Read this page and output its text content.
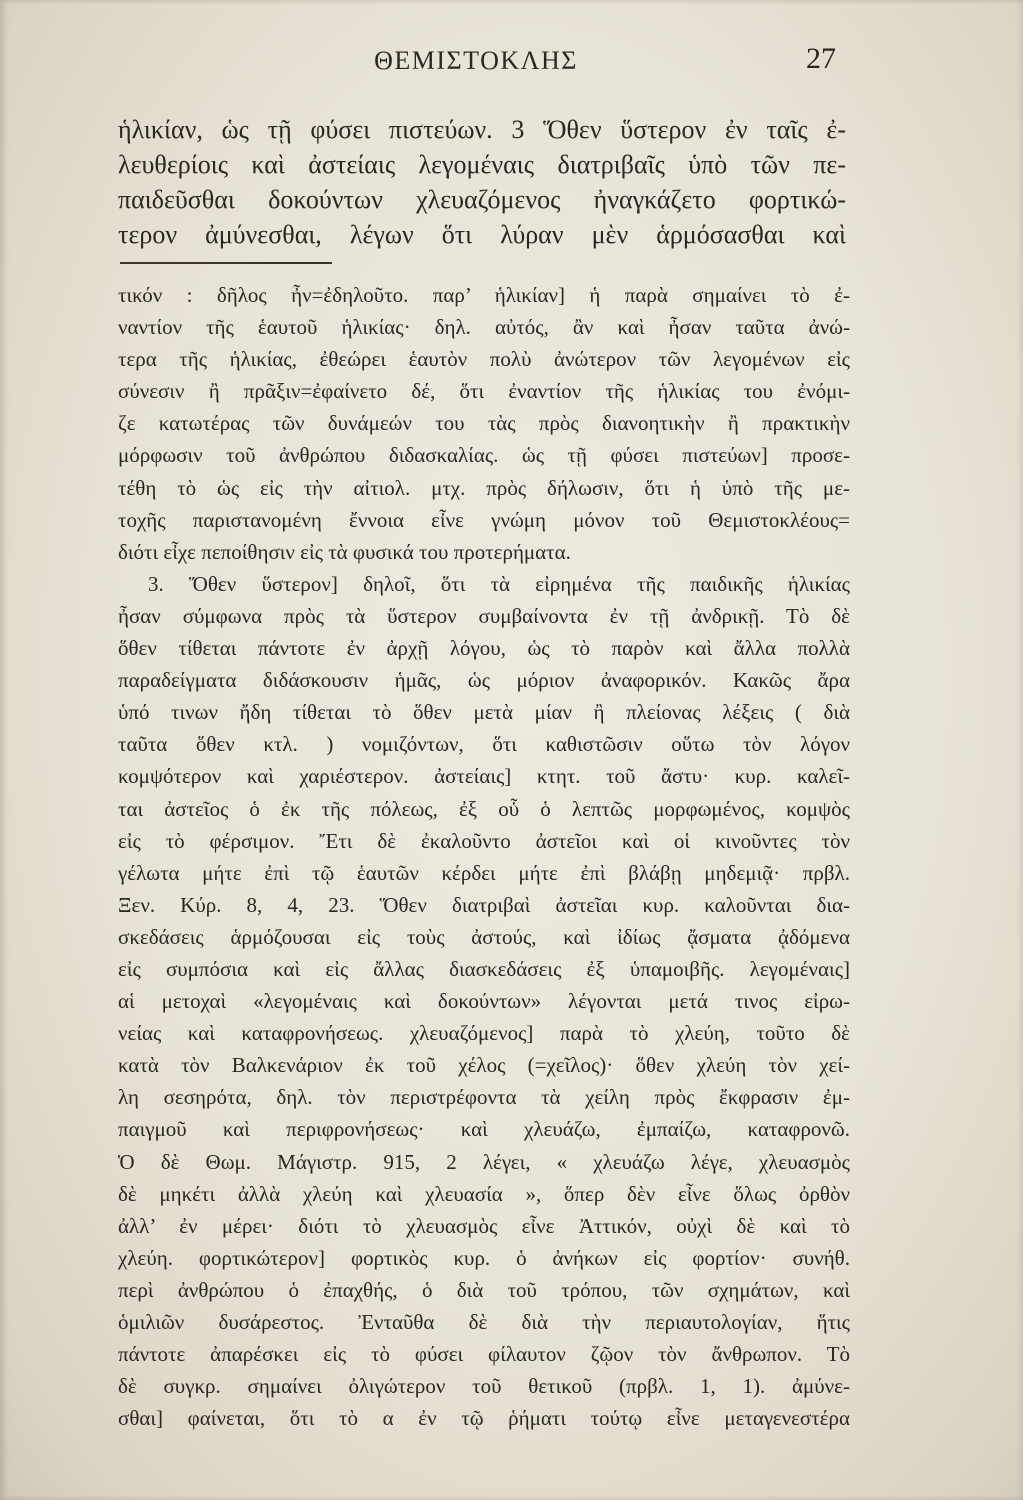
ΘΕΜΙΣΤΟΚΛΗΣ	27
ἡλικίαν, ὡς τῇ φύσει πιστεύων. 3 Ὅθεν ὕστερον ἐν ταῖς ἐ-
λευθερίοις καὶ ἀστείαις λεγομέναις διατριβαῖς ὑπὸ τῶν πε-
παιδεῦσθαι δοκούντων χλευαζόμενος ἠναγκάζετο φορτικώ-
τερον ἀμύνεσθαι, λέγων ὅτι λύραν μὲν ἁρμόσασθαι καὶ
τικόν : δῆλος ἦν=ἐδηλοῦτο. παρ’ ἡλικίαν] ἡ παρὰ σημαίνει τὸ ἐ-
ναντίον τῆς ἑαυτοῦ ἡλικίας· δηλ. αὐτός, ἂν καὶ ἦσαν ταῦτα ἀνώ-
τερα τῆς ἡλικίας, ἐθεώρει ἑαυτὸν πολὺ ἀνώτερον τῶν λεγομένων εἰς
σύνεσιν ἢ πρᾶξιν=ἐφαίνετο δέ, ὅτι ἐναντίον τῆς ἡλικίας του ἐνόμι-
ζε κατωτέρας τῶν δυνάμεών του τὰς πρὸς διανοητικὴν ἢ πρακτικὴν
μόρφωσιν τοῦ ἀνθρώπου διδασκαλίας. ὡς τῇ φύσει πιστεύων] προσε-
τέθη τὸ ὡς εἰς τὴν αἰτιολ. μτχ. πρὸς δήλωσιν, ὅτι ἡ ὑπὸ τῆς με-
τοχῆς παριστανομένη ἔννοια εἶνε γνώμη μόνον τοῦ Θεμιστοκλέους=
διότι εἶχε πεποίθησιν εἰς τὰ φυσικά του προτερήματα.
3. Ὅθεν ὕστερον] δηλοῖ, ὅτι τὰ εἰρημένα τῆς παιδικῆς ἡλικίας
ἦσαν σύμφωνα πρὸς τὰ ὕστερον συμβαίνοντα ἐν τῇ ἀνδρικῇ. Τὸ δὲ
ὅθεν τίθεται πάντοτε ἐν ἀρχῇ λόγου, ὡς τὸ παρὸν καὶ ἄλλα πολλὰ
παραδείγματα διδάσκουσιν ἡμᾶς, ὡς μόριον ἀναφορικόν. Κακῶς ἄρα
ὑπό τινων ἤδη τίθεται τὸ ὅθεν μετὰ μίαν ἢ πλείονας λέξεις ( διὰ
ταῦτα ὅθεν κτλ. ) νομιζόντων, ὅτι καθιστῶσιν οὕτω τὸν λόγον
κομψότερον καὶ χαριέστερον. ἀστείαις] κτητ. τοῦ ἄστυ· κυρ. καλεῖ-
ται ἀστεῖος ὁ ἐκ τῆς πόλεως, ἐξ οὗ ὁ λεπτῶς μορφωμένος, κομψὸς
εἰς τὸ φέρσιμον. Ἔτι δὲ ἐκαλοῦντο ἀστεῖοι καὶ οἱ κινοῦντες τὸν
γέλωτα μήτε ἐπὶ τῷ ἑαυτῶν κέρδει μήτε ἐπὶ βλάβῃ μηδεμιᾷ· πρβλ.
Ξεν. Κύρ. 8, 4, 23. Ὅθεν διατριβαὶ ἀστεῖαι κυρ. καλοῦνται δια-
σκεδάσεις ἁρμόζουσαι εἰς τοὺς ἀστούς, καὶ ἰδίως ᾄσματα ᾀδόμενα
εἰς συμπόσια καὶ εἰς ἄλλας διασκεδάσεις ἐξ ὑπαμοιβῆς. λεγομέναις]
αἱ μετοχαὶ «λεγομέναις καὶ δοκούντων» λέγονται μετά τινος εἰρω-
νείας καὶ καταφρονήσεως. χλευαζόμενος] παρὰ τὸ χλεύη, τοῦτο δὲ
κατὰ τὸν Βαλκενάριον ἐκ τοῦ χέλος (=χεῖλος)· ὅθεν χλεύη τὸν χεί-
λη σεσηρότα, δηλ. τὸν περιστρέφοντα τὰ χείλη πρὸς ἔκφρασιν ἐμ-
παιγμοῦ καὶ περιφρονήσεως· καὶ χλευάζω, ἐμπαίζω, καταφρονῶ.
Ὁ δὲ Θωμ. Μάγιστρ. 915, 2 λέγει, « χλευάζω λέγε, χλευασμὸς
δὲ μηκέτι ἀλλὰ χλεύη καὶ χλευασία », ὅπερ δὲν εἶνε ὅλως ὀρθὸν
ἀλλ’ ἐν μέρει· διότι τὸ χλευασμὸς εἶνε Ἀττικόν, οὐχὶ δὲ καὶ τὸ
χλεύη. φορτικώτερον] φορτικὸς κυρ. ὁ ἀνήκων εἰς φορτίον· συνήθ.
περὶ ἀνθρώπου ὁ ἐπαχθής, ὁ διὰ τοῦ τρόπου, τῶν σχημάτων, καὶ
ὁμιλιῶν δυσάρεστος. Ἐνταῦθα δὲ διὰ τὴν περιαυτολογίαν, ἥτις
πάντοτε ἀπαρέσκει εἰς τὸ φύσει φίλαυτον ζῷον τὸν ἄνθρωπον. Τὸ
δὲ συγκρ. σημαίνει ὀλιγώτερον τοῦ θετικοῦ (πρβλ. 1, 1). ἀμύνε-
σθαι] φαίνεται, ὅτι τὸ α ἐν τῷ ῥήματι τούτῳ εἶνε μεταγενεστέρα
